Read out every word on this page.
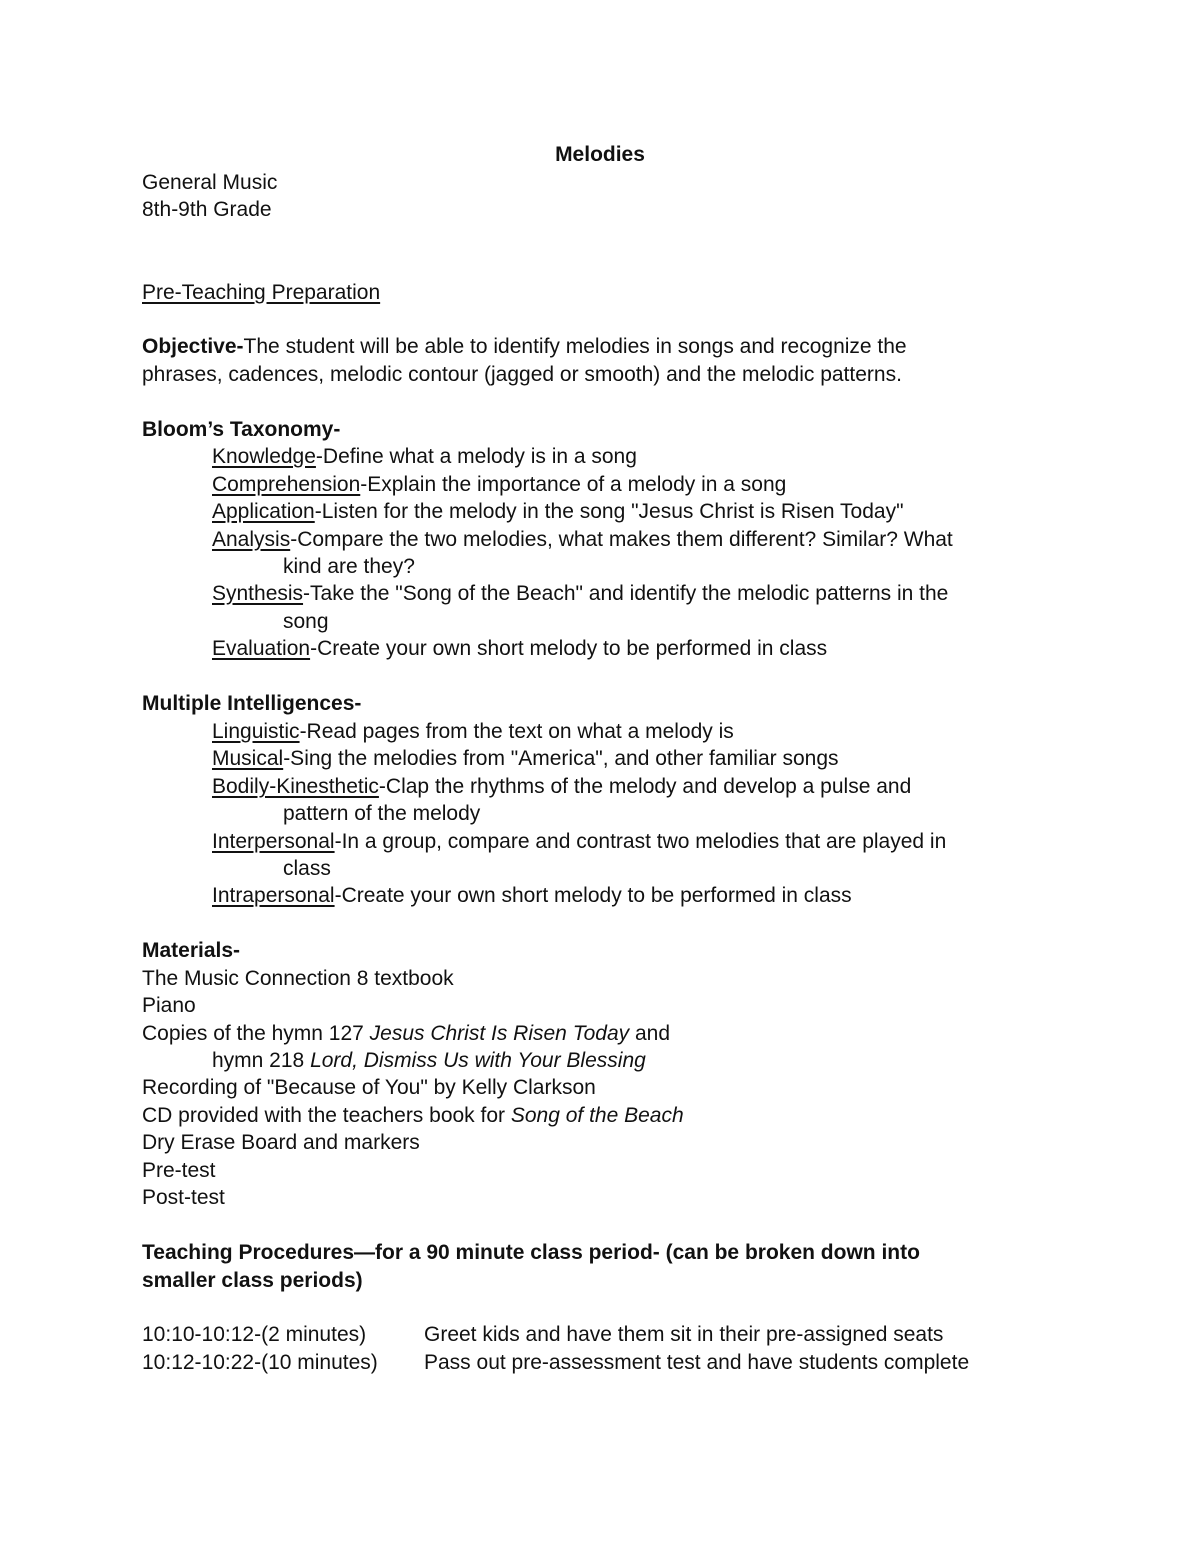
Melodies
General Music
8th-9th Grade
Pre-Teaching Preparation
Objective-The student will be able to identify melodies in songs and recognize the
phrases, cadences, melodic contour (jagged or smooth) and the melodic patterns.
Bloom’s Taxonomy-
Knowledge-Define what a melody is in a song
Comprehension-Explain the importance of a melody in a song
Application-Listen for the melody in the song "Jesus Christ is Risen Today"
Analysis-Compare the two melodies, what makes them different? Similar? What
kind are they?
Synthesis-Take the "Song of the Beach" and identify the melodic patterns in the
song
Evaluation-Create your own short melody to be performed in class
Multiple Intelligences-
Linguistic-Read pages from the text on what a melody is
Musical-Sing the melodies from "America", and other familiar songs
Bodily-Kinesthetic-Clap the rhythms of the melody and develop a pulse and
pattern of the melody
Interpersonal-In a group, compare and contrast two melodies that are played in
class
Intrapersonal-Create your own short melody to be performed in class
Materials-
The Music Connection 8 textbook
Piano
Copies of the hymn 127 Jesus Christ Is Risen Today and
hymn 218 Lord, Dismiss Us with Your Blessing
Recording of "Because of You" by Kelly Clarkson
CD provided with the teachers book for Song of the Beach
Dry Erase Board and markers
Pre-test
Post-test
Teaching Procedures—for a 90 minute class period- (can be broken down into
smaller class periods)
10:10-10:12-(2 minutes)	Greet kids and have them sit in their pre-assigned seats
10:12-10:22-(10 minutes) Pass out pre-assessment test and have students complete
